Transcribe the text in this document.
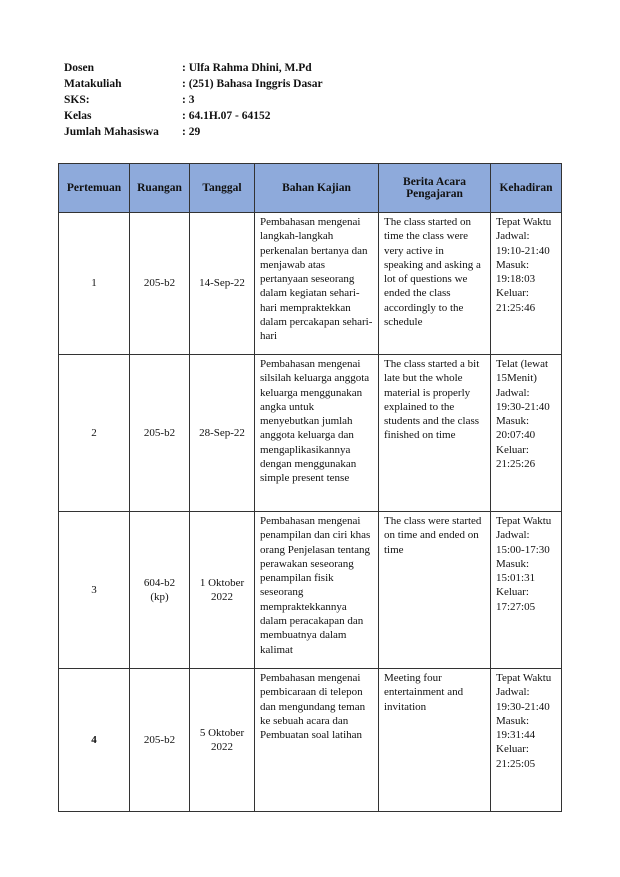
Dosen	: Ulfa Rahma Dhini, M.Pd
Matakuliah	: (251) Bahasa Inggris Dasar
SKS:	: 3
Kelas	: 64.1H.07 - 64152
Jumlah Mahasiswa	: 29
Pertemuan	Ruangan	Tanggal	Bahan Kajian	Berita Acara Pengajaran	Kehadiran
1	205-b2	14-Sep-22	Pembahasan mengenai langkah-langkah perkenalan bertanya dan menjawab atas pertanyaan seseorang dalam kegiatan sehari-hari mempraktekkan dalam percakapan sehari-hari	The class started on time the class were very active in speaking and asking a lot of questions we ended the class accordingly to the schedule	Tepat Waktu Jadwal: 19:10-21:40 Masuk: 19:18:03 Keluar: 21:25:46
2	205-b2	28-Sep-22	Pembahasan mengenai silsilah keluarga anggota keluarga menggunakan angka untuk menyebutkan jumlah anggota keluarga dan mengaplikasikannya dengan menggunakan simple present tense	The class started a bit late but the whole material is properly explained to the students and the class finished on time	Telat (lewat 15Menit) Jadwal: 19:30-21:40 Masuk: 20:07:40 Keluar: 21:25:26
3	604-b2 (kp)	1 Oktober 2022	Pembahasan mengenai penampilan dan ciri khas orang Penjelasan tentang perawakan seseorang penampilan fisik seseorang mempraktekkannya dalam peracakapan dan membuatnya dalam kalimat	The class were started on time and ended on time	Tepat Waktu Jadwal: 15:00-17:30 Masuk: 15:01:31 Keluar: 17:27:05
4	205-b2	5 Oktober 2022	Pembahasan mengenai pembicaraan di telepon dan mengundang teman ke sebuah acara dan Pembuatan soal latihan	Meeting four entertainment and invitation	Tepat Waktu Jadwal: 19:30-21:40 Masuk: 19:31:44 Keluar: 21:25:05
